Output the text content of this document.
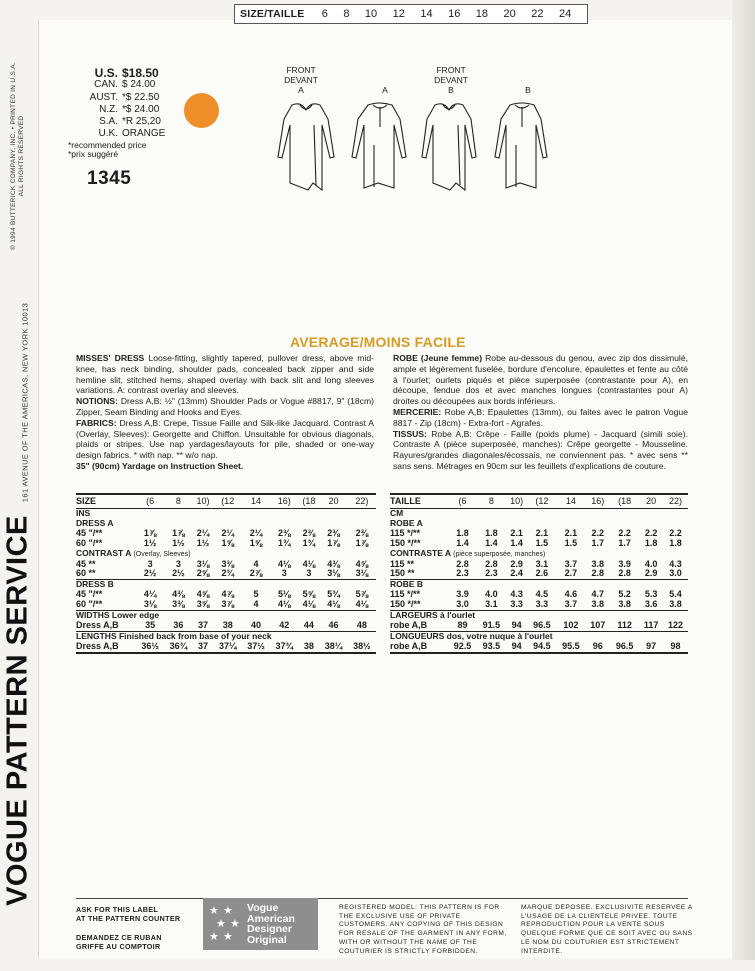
SIZE/TAILLE	6 8 10 12 14 16 18 20 22 24
VOGUE PATTERN SERVICE
161 AVENUE OF THE AMERICAS, NEW YORK 10013
© 1994 BUTTERICK COMPANY, INC. • PRINTED IN U.S.A. ALL RIGHTS RESERVED
U.S. $18.50
CAN. $ 24.00
AUST. *$ 22.50
N.Z. *$ 24.00
S.A. *R 25,20
U.K. ORANGE
*recommended price
*prix suggéré
1345
FRONT
DEVANT
A	A
FRONT
DEVANT
B	B
AVERAGE/MOINS FACILE
MISSES' DRESS Loose-fitting, slightly tapered, pullover dress, above mid-knee, has neck binding, shoulder pads, concealed back zipper and side hemline slit, stitched hems, shaped overlay with back slit and long sleeves variations. A: contrast overlay and sleeves.
NOTIONS: Dress A,B: ½" (13mm) Shoulder Pads or Vogue #8817, 9" (18cm) Zipper, Seam Binding and Hooks and Eyes.
FABRICS: Dress A,B: Crepe, Tissue Faille and Silk-like Jacquard. Contrast A (Overlay, Sleeves): Georgette and Chiffon. Unsuitable for obvious diagonals, plaids or stripes. Use nap yardages/layouts for pile, shaded or one-way design fabrics. * with nap. ** w/o nap.
35" (90cm) Yardage on Instruction Sheet.
ROBE (Jeune femme) Robe au-dessous du genou, avec zip dos dissimulé, ample et légèrement fuselée, bordure d'encolure, épaulettes et fente au côté à l'ourlet; ourlets piqués et pièce superposée (contrastante pour A), en découpe, fendue dos et avec manches longues (contrastantes pour A) droites ou découpées aux bords inférieurs.
MERCERIE: Robe A,B: Epaulettes (13mm), ou faites avec le patron Vogue 8817 - Zip (18cm) - Extra-fort - Agrafes.
TISSUS: Robe A,B: Crêpe - Faille (poids plume) - Jacquard (simili soie). Contraste A (pièce superposée, manches): Crêpe georgette - Mousseline. Rayures/grandes diagonales/écossais, ne conviennent pas. * avec sens ** sans sens. Métrages en 90cm sur les feuillets d'explications de couture.
SIZE	(6	8	10)	(12	14	16)	(18	20	22)
INS									
DRESS A									
45 "/**	1⅞	1⅞	2¼	2¼	2¼	2⅜	2⅜	2⅜	2⅜
60 "/**	1½	1½	1½	1⅝	1⅝	1¾	1¾	1⅞	1⅞
CONTRAST A (Overlay, Sleeves)									
45 **	3	3	3⅛	3⅜	4	4⅛	4⅛	4⅜	4⅝
60 **	2½	2½	2⅝	2¾	2⅞	3	3	3⅛	3⅛
DRESS B									
45 "/**	4¼	4⅜	4⅝	4⅞	5	5⅛	5⅝	5¾	5⅞
60 "/**	3⅛	3⅜	3⅝	3⅞	4	4⅛	4⅛	4⅛	4⅛
WIDTHS Lower edge									
Dress A,B	35	36	37	38	40	42	44	46	48
LENGTHS Finished back from base of your neck									
Dress A,B	36½	36¾	37	37¼	37½	37¾	38	38¼	38½
TAILLE	(6	8	10)	(12	14	16)	(18	20	22)
CM									
ROBE A									
115 */**	1.8	1.8	2.1	2.1	2.1	2.2	2.2	2.2	2.2
150 */**	1.4	1.4	1.4	1.5	1.5	1.7	1.7	1.8	1.8
CONTRASTE A (pièce superposée, manches)									
115 **	2.8	2.8	2.9	3.1	3.7	3.8	3.9	4.0	4.3
150 **	2.3	2.3	2.4	2.6	2.7	2.8	2.8	2.9	3.0
ROBE B									
115 */**	3.9	4.0	4.3	4.5	4.6	4.7	5.2	5.3	5.4
150 */**	3.0	3.1	3.3	3.3	3.7	3.8	3.8	3.6	3.8
LARGEURS à l'ourlet									
robe A,B	89	91.5	94	96.5	102	107	112	117	122
LONGUEURS dos, votre nuque à l'ourlet									
robe A,B	92.5	93.5	94	94.5	95.5	96	96.5	97	98
ASK FOR THIS LABEL
AT THE PATTERN COUNTER
DEMANDEZ CE RUBAN
GRIFFE AU COMPTOIR
★ ★
★ ★
★ ★
Vogue
American
Designer
Original
REGISTERED MODEL: THIS PATTERN IS FOR THE EXCLUSIVE USE OF PRIVATE CUSTOMERS. ANY COPYING OF THIS DESIGN FOR RESALE OF THE GARMENT IN ANY FORM, WITH OR WITHOUT THE NAME OF THE COUTURIER IS STRICTLY FORBIDDEN.
MARQUE DEPOSEE. EXCLUSIVITE RESERVEE A L'USAGE DE LA CLIENTELE PRIVEE. TOUTE REPRODUCTION POUR LA VENTE SOUS QUELQUE FORME QUE CE SOIT AVEC OU SANS LE NOM DU COUTURIER EST STRICTEMENT INTERDITE.
